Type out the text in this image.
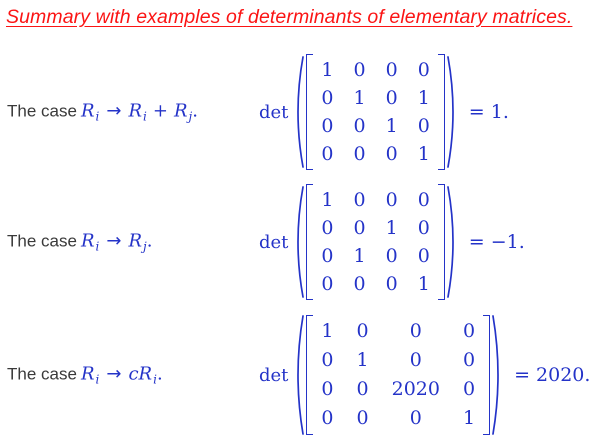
Summary with examples of determinants of elementary matrices.
The case $R_i \to R_i + R_j$.	det
1 0 0 0
0 1 0 1
0 0 1 0
0 0 0 1
= 1.
The case $R_i \to R_j$.	det
1 0 0 0
0 0 1 0
0 1 0 0
0 0 0 1
= −1.
The case $R_i \to cR_i$.	det
1 0 0 0
0 1 0 0
0 0 2020 0
0 0 0 1
= 2020.
